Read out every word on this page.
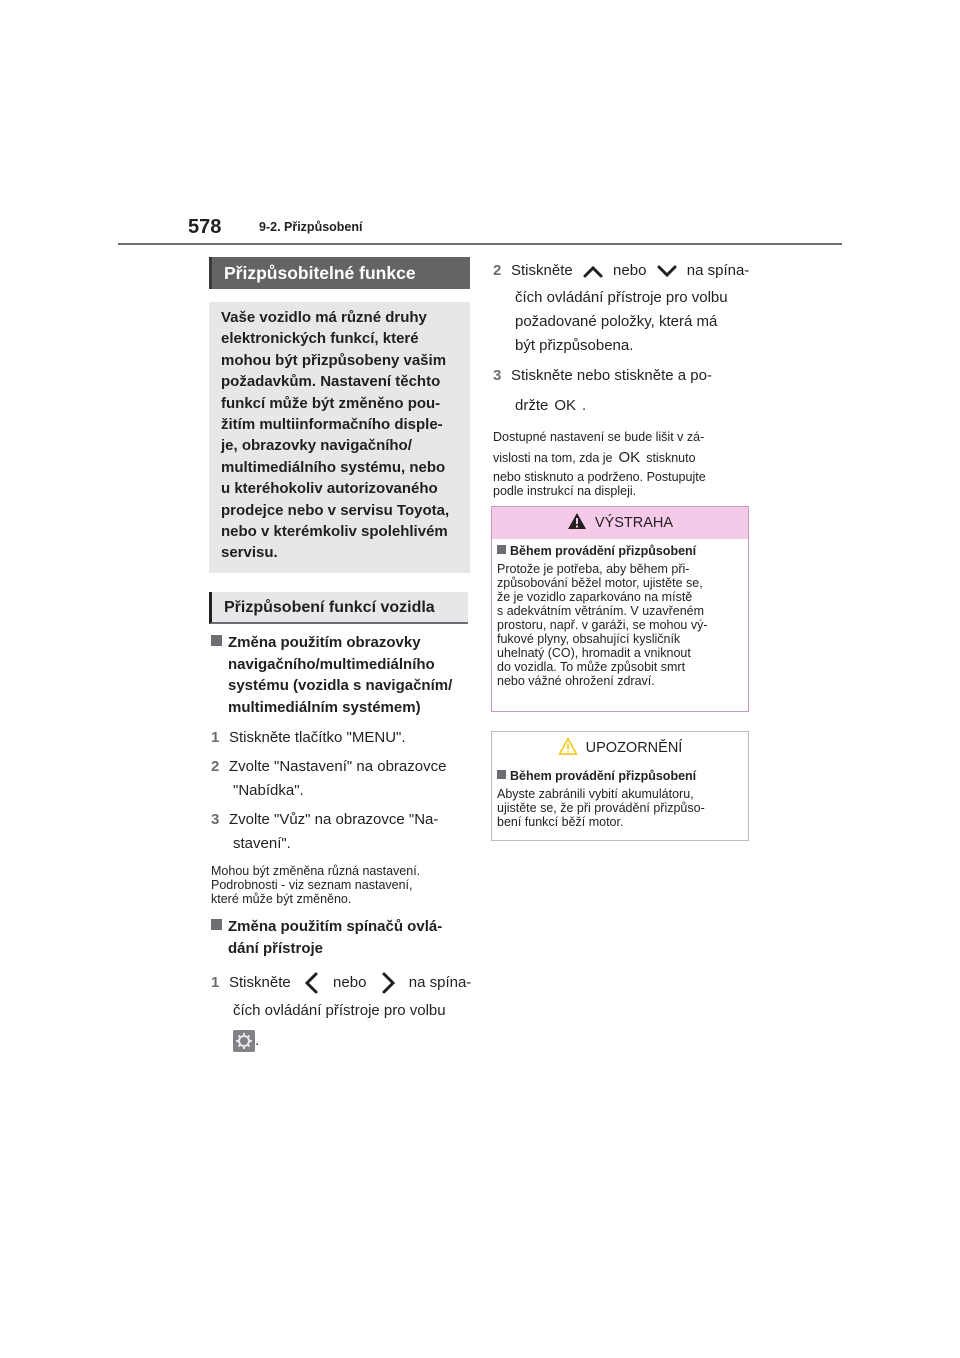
578	9-2. Přizpůsobení
Přizpůsobitelné funkce
Vaše vozidlo má různé druhy
elektronických funkcí, které
mohou být přizpůsobeny vašim
požadavkům. Nastavení těchto
funkcí může být změněno pou-
žitím multiinformačního disple-
je, obrazovky navigačního/
multimediálního systému, nebo
u kteréhokoliv autorizovaného
prodejce nebo v servisu Toyota,
nebo v kterémkoliv spolehlivém
servisu.
Přizpůsobení funkcí vozidla
Změna použitím obrazovky
navigačního/multimediálního
systému (vozidla s navigačním/
multimediálním systémem)
1 Stiskněte tlačítko "MENU".
2 Zvolte "Nastavení" na obrazovce
"Nabídka".
3 Zvolte "Vůz" na obrazovce "Na-
stavení".
Mohou být změněna různá nastavení.
Podrobnosti - viz seznam nastavení,
které může být změněno.
Změna použitím spínačů ovlá-
dání přístroje
1 Stiskněte	nebo	na spína-
čích ovládání přístroje pro volbu
.
2 Stiskněte	nebo	na spína-
čích ovládání přístroje pro volbu
požadované položky, která má
být přizpůsobena.
3 Stiskněte nebo stiskněte a po-
držte OK .
Dostupné nastavení se bude lišit v zá-
vislosti na tom, zda je OK stisknuto
nebo stisknuto a podrženo. Postupujte
podle instrukcí na displeji.
VÝSTRAHA
Během provádění přizpůsobení
Protože je potřeba, aby během při-
způsobování běžel motor, ujistěte se,
že je vozidlo zaparkováno na místě
s adekvátním větráním. V uzavřeném
prostoru, např. v garáži, se mohou vý-
fukové plyny, obsahující kysličník
uhelnatý (CO), hromadit a vniknout
do vozidla. To může způsobit smrt
nebo vážné ohrožení zdraví.
UPOZORNĚNÍ
Během provádění přizpůsobení
Abyste zabránili vybití akumulátoru,
ujistěte se, že při provádění přizpůso-
bení funkcí běží motor.
